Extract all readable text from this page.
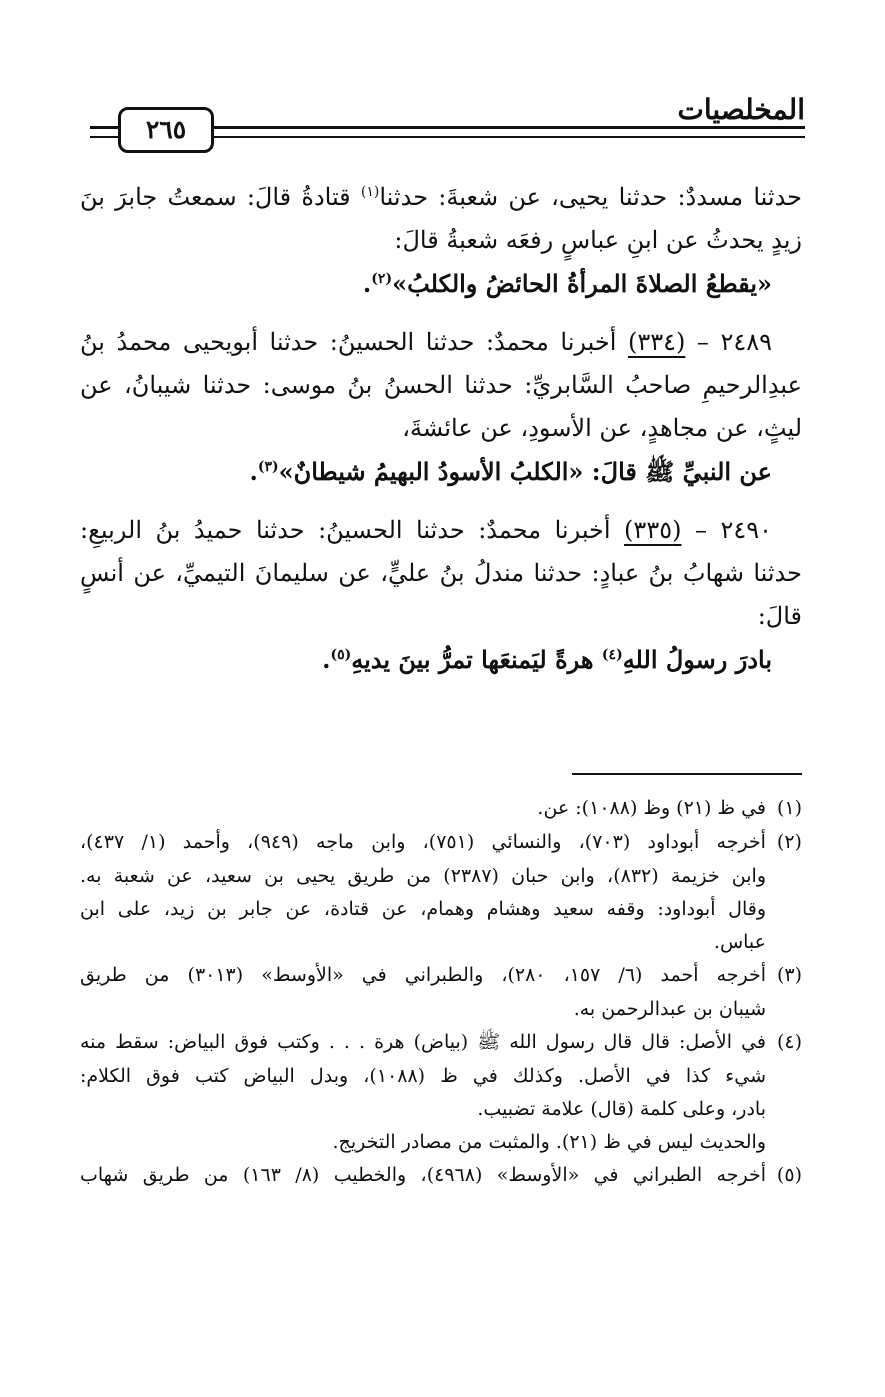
المخلصيات
٢٦٥

حدثنا مسددٌ: حدثنا يحيى، عن شعبةَ: حدثنا$^{(١)}$ قتادةُ قالَ: سمعتُ جابرَ بنَ

زيدٍ يحدثُ عن ابنِ عباسٍ رفعَه شعبةُ قالَ:

«يقطعُ الصلاةَ المرأةُ الحائضُ والكلبُ»$^{(٢)}$.

٢٤٨٩ – (٣٣٤) أخبرنا محمدٌ: حدثنا الحسينُ: حدثنا أبويحيى محمدُ بنُ

عبدِالرحيمِ صاحبُ السَّابريِّ: حدثنا الحسنُ بنُ موسى: حدثنا شيبانُ، عن

ليثٍ، عن مجاهدٍ، عن الأسودِ، عن عائشةَ،

عن النبيِّ ﷺ قالَ: «الكلبُ الأسودُ البهيمُ شيطانٌ»$^{(٣)}$.

٢٤٩٠ – (٣٣٥) أخبرنا محمدٌ: حدثنا الحسينُ: حدثنا حميدُ بنُ الربيعِ:

حدثنا شهابُ بنُ عبادٍ: حدثنا مندلُ بنُ عليٍّ، عن سليمانَ التيميِّ، عن أنسٍ قالَ:

بادرَ رسولُ اللهِ$^{(٤)}$ هرةً ليَمنعَها تمرُّ بينَ يديهِ$^{(٥)}$.

(١)في ظ (٢١) وظ (١٠٨٨): عن.

(٢)أخرجه أبوداود (٧٠٣)، والنسائي (٧٥١)، وابن ماجه (٩٤٩)، وأحمد (١/ ٤٣٧)،

وابن خزيمة (٨٣٢)، وابن حبان (٢٣٨٧) من طريق يحيى بن سعيد، عن شعبة به.

وقال أبوداود: وقفه سعيد وهشام وهمام، عن قتادة، عن جابر بن زيد، على ابن

عباس.

(٣)أخرجه أحمد (٦/ ١٥٧، ٢٨٠)، والطبراني في «الأوسط» (٣٠١٣) من طريق

شيبان بن عبدالرحمن به.

(٤)في الأصل: قال قال رسول الله ﷺ (بياض) هرة . . . وكتب فوق البياض: سقط منه

شيء كذا في الأصل. وكذلك في ظ (١٠٨٨)، وبدل البياض كتب فوق الكلام:

بادر، وعلى كلمة (قال) علامة تضبيب.

والحديث ليس في ظ (٢١). والمثبت من مصادر التخريج.

(٥)أخرجه الطبراني في «الأوسط» (٤٩٦٨)، والخطيب (٨/ ١٦٣) من طريق شهاب
